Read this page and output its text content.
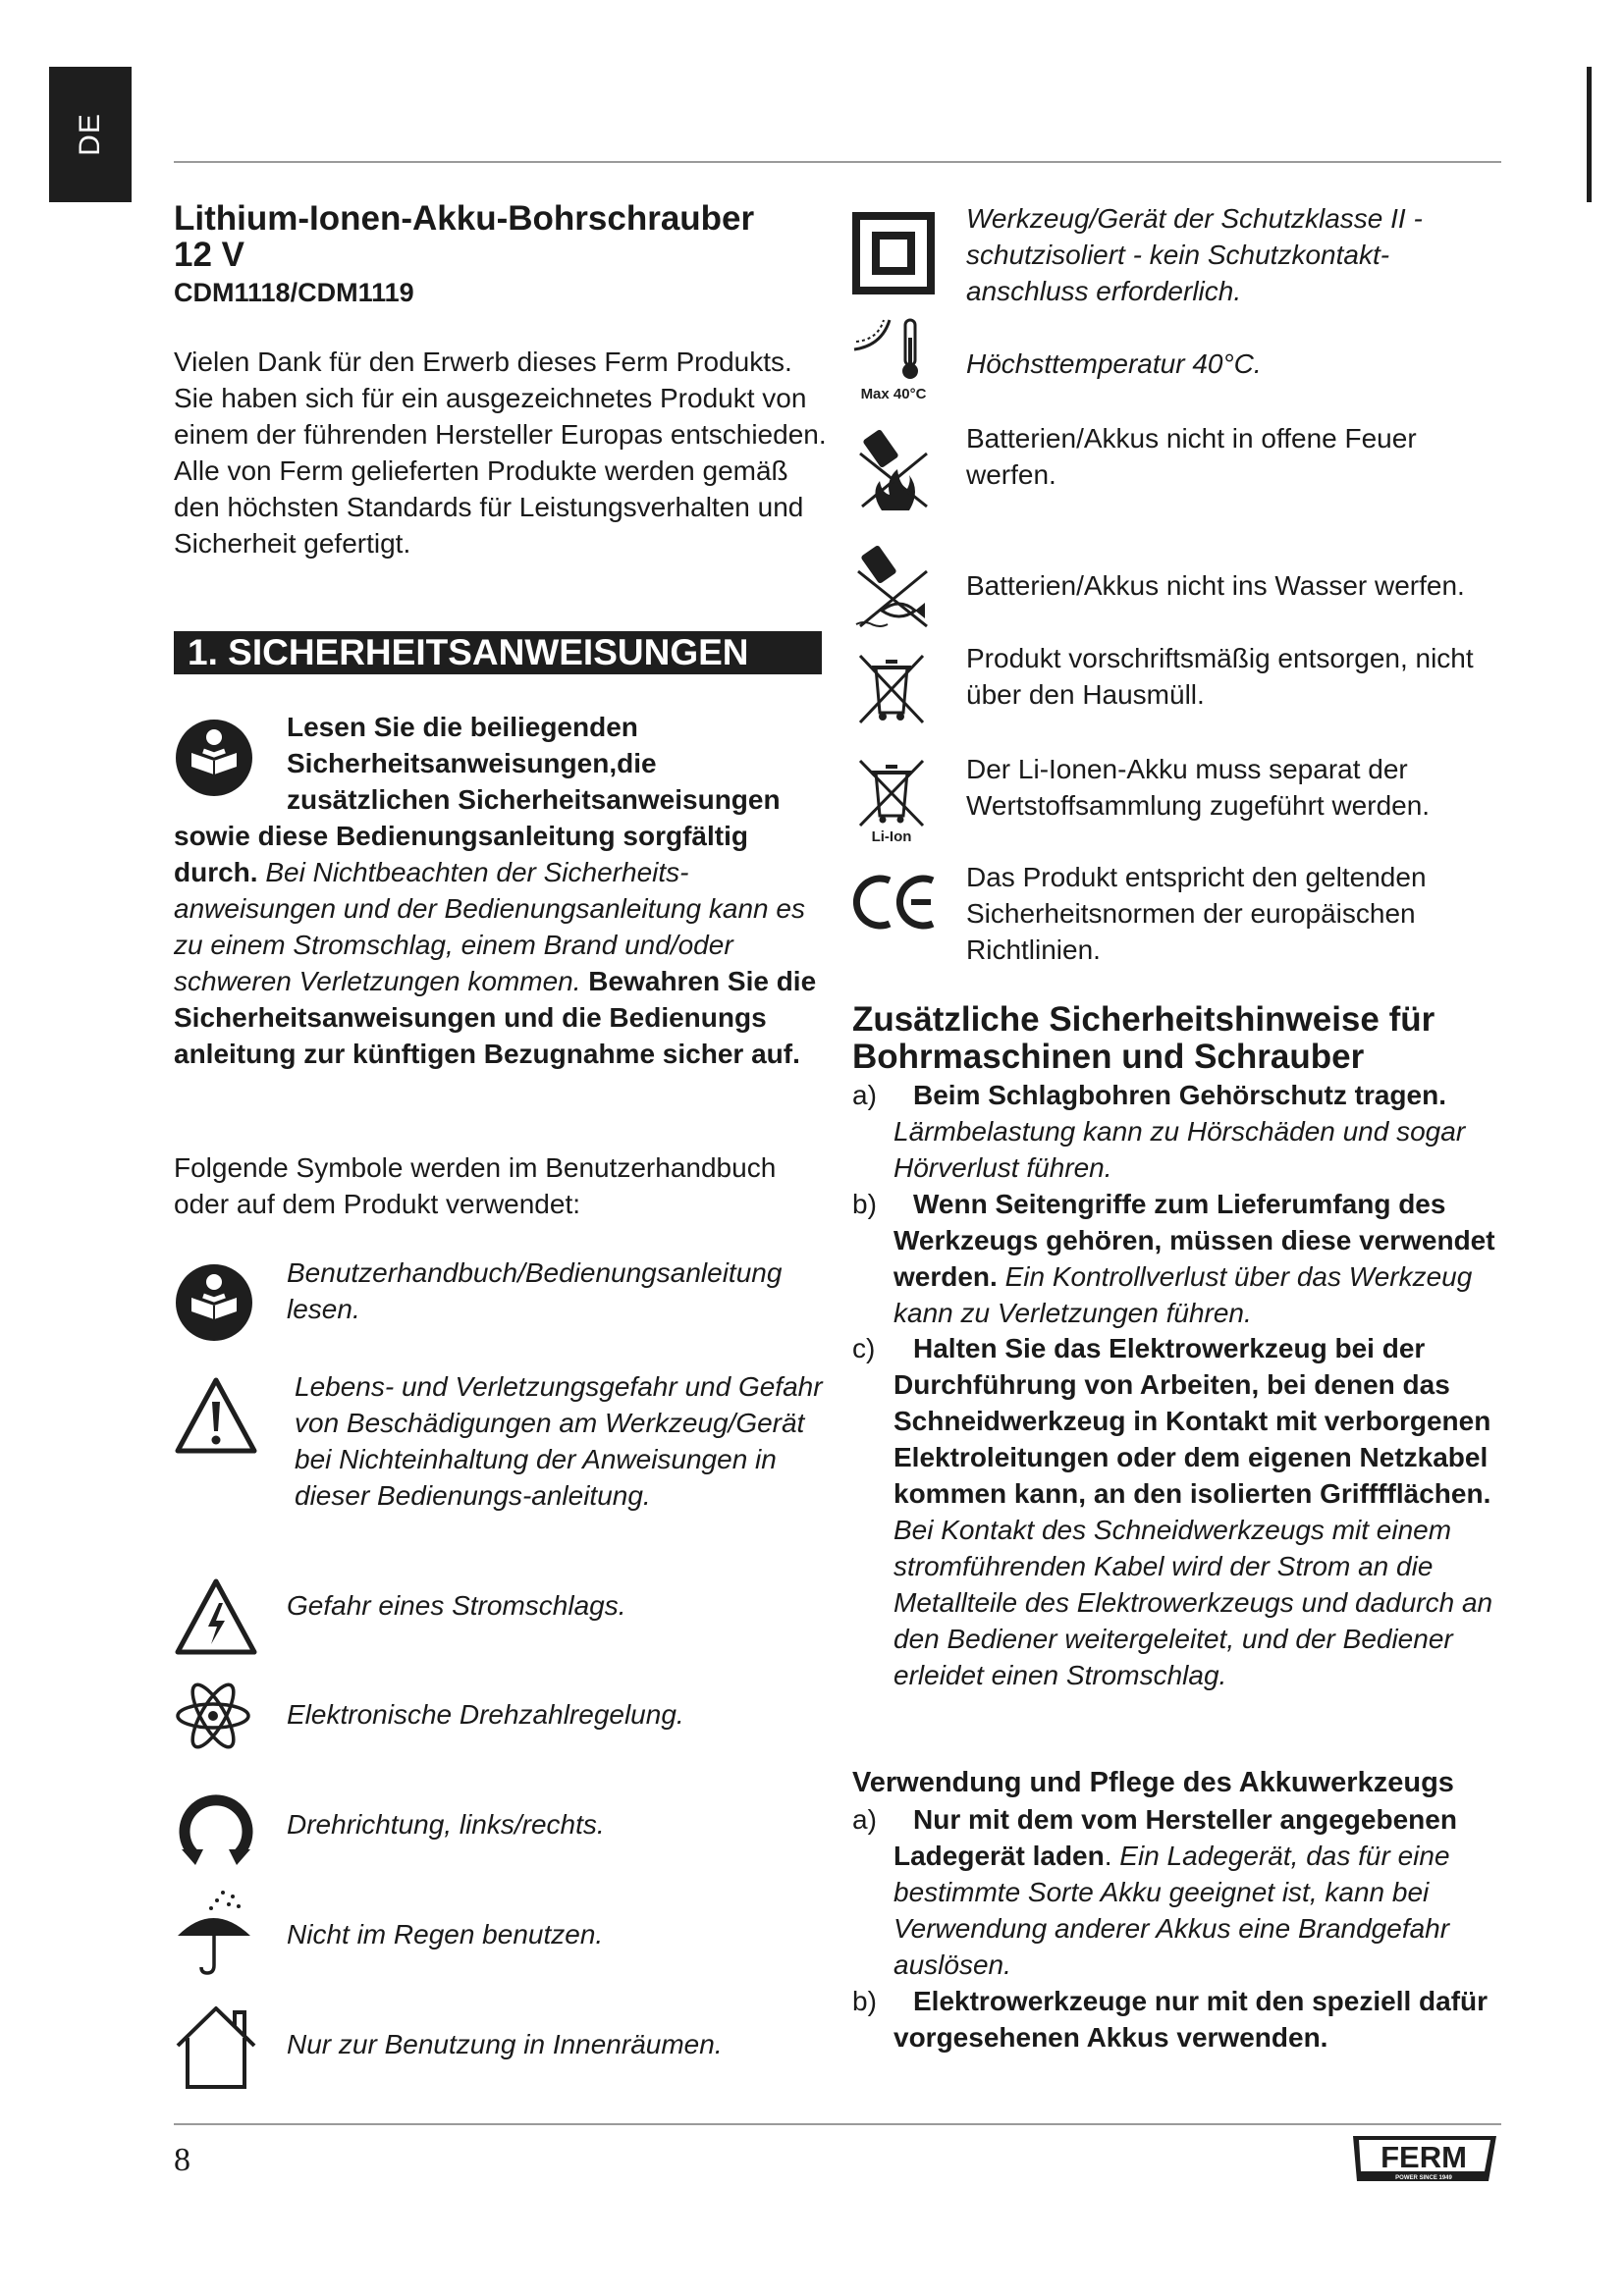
DE
Lithium-Ionen-Akku-Bohrschrauber
12 V
CDM1118/CDM1119

Vielen Dank für den Erwerb dieses Ferm Produkts. Sie haben sich für ein ausgezeichnetes Produkt von einem der führenden Hersteller Europas entschieden. Alle von Ferm gelieferten Produkte werden gemäß den höchsten Standards für Leistungsverhalten und Sicherheit gefertigt.

1. SICHERHEITSANWEISUNGEN

Lesen Sie die beiliegenden

Sicherheitsanweisungen,die

zusätzlichen Sicherheitsanweisungen

sowie diese Bedienungsanleitung sorgfältig durch. Bei Nichtbeachten der Sicherheits-anweisungen und der Bedienungsanleitung kann es zu einem Stromschlag, einem Brand und/oder schweren Verletzungen kommen. Bewahren Sie die Sicherheitsanweisungen und die Bedienungs anleitung zur künftigen Bezugnahme sicher auf.

Folgende Symbole werden im Benutzerhandbuch oder auf dem Produkt verwendet:

Benutzerhandbuch/Bedienungsanleitung lesen.

Lebens- und Verletzungsgefahr und Gefahr von Beschädigungen am Werkzeug/Gerät bei Nichteinhaltung der Anweisungen in dieser Bedienungs-anleitung.

Gefahr eines Stromschlags.

Elektronische Drehzahlregelung.

Drehrichtung, links/rechts.

Nicht im Regen benutzen.

Nur zur Benutzung in Innenräumen.

Werkzeug/Gerät der Schutzklasse II - schutzisoliert - kein Schutzkontakt-anschluss erforderlich.

Max 40°C

Höchsttemperatur 40°C.

Batterien/Akkus nicht in offene Feuer werfen.

Batterien/Akkus nicht ins Wasser werfen.

Produkt vorschriftsmäßig entsorgen, nicht über den Hausmüll.

Li-Ion

Der Li-Ionen-Akku muss separat der Wertstoffsammlung zugeführt werden.

CE	Das Produkt entspricht den geltenden Sicherheitsnormen der europäischen Richtlinien.

Zusätzliche Sicherheitshinweise für Bohrmaschinen und Schrauber
a)	Beim Schlagbohren Gehörschutz tragen. Lärmbelastung kann zu Hörschäden und sogar Hörverlust führen.

b)	Wenn Seitengriffe zum Lieferumfang des Werkzeugs gehören, müssen diese verwendet werden. Ein Kontrollverlust über das Werkzeug kann zu Verletzungen führen.

c)	Halten Sie das Elektrowerkzeug bei der Durchführung von Arbeiten, bei denen das Schneidwerkzeug in Kontakt mit verborgenen Elektroleitungen oder dem eigenen Netzkabel kommen kann, an den isolierten Grifffflächen. Bei Kontakt des Schneidwerkzeugs mit einem stromführenden Kabel wird der Strom an die Metallteile des Elektrowerkzeugs und dadurch an den Bediener weitergeleitet, und der Bediener erleidet einen Stromschlag.

Verwendung und Pflege des Akkuwerkzeugs
a)	Nur mit dem vom Hersteller angegebenen Ladegerät laden. Ein Ladegerät, das für eine bestimmte Sorte Akku geeignet ist, kann bei Verwendung anderer Akkus eine Brandgefahr auslösen.

b)	Elektrowerkzeuge nur mit den speziell dafür vorgesehenen Akkus verwenden.

8	FERM
POWER SINCE 1949
